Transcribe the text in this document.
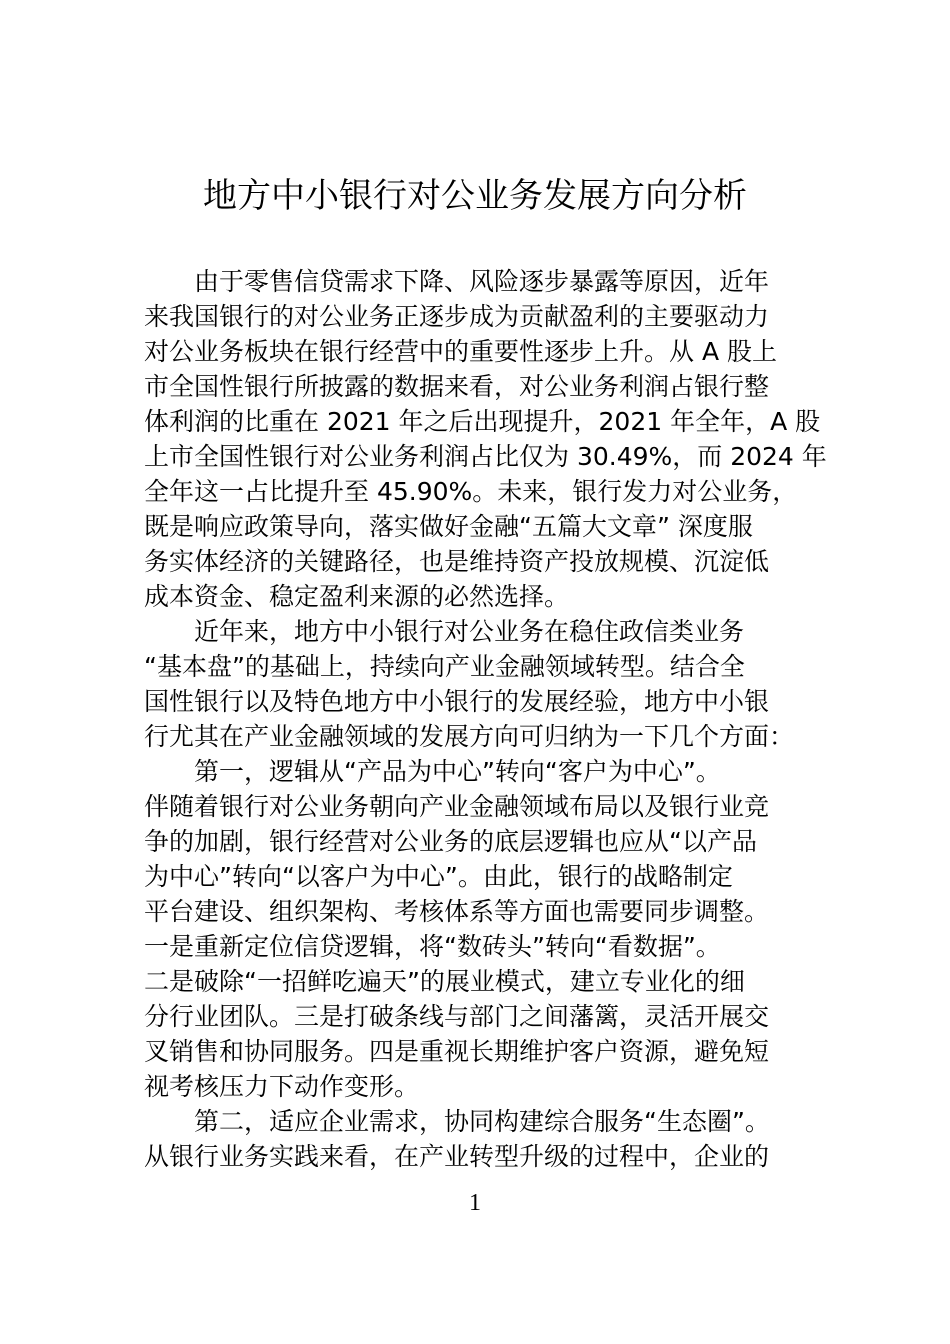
地方中小银行对公业务发展方向分析
由于零售信贷需求下降、风险逐步暴露等原因，近年
来我国银行的对公业务正逐步成为贡献盈利的主要驱动力
对公业务板块在银行经营中的重要性逐步上升。从 A 股上
市全国性银行所披露的数据来看，对公业务利润占银行整
体利润的比重在 2021 年之后出现提升，2021 年全年，A 股
上市全国性银行对公业务利润占比仅为 30.49%，而 2024 年
全年这一占比提升至 45.90%。未来，银行发力对公业务，
既是响应政策导向，落实做好金融“五篇大文章” 深度服
务实体经济的关键路径，也是维持资产投放规模、沉淀低
成本资金、稳定盈利来源的必然选择。
近年来，地方中小银行对公业务在稳住政信类业务
“基本盘”的基础上，持续向产业金融领域转型。结合全
国性银行以及特色地方中小银行的发展经验，地方中小银
行尤其在产业金融领域的发展方向可归纳为一下几个方面：
第一，逻辑从“产品为中心”转向“客户为中心”。
伴随着银行对公业务朝向产业金融领域布局以及银行业竞
争的加剧，银行经营对公业务的底层逻辑也应从“以产品
为中心”转向“以客户为中心”。由此，银行的战略制定
平台建设、组织架构、考核体系等方面也需要同步调整。
一是重新定位信贷逻辑，将“数砖头”转向“看数据”。
二是破除“一招鲜吃遍天”的展业模式，建立专业化的细
分行业团队。三是打破条线与部门之间藩篱，灵活开展交
叉销售和协同服务。四是重视长期维护客户资源，避免短
视考核压力下动作变形。
第二，适应企业需求，协同构建综合服务“生态圈”。
从银行业务实践来看，在产业转型升级的过程中，企业的
1
